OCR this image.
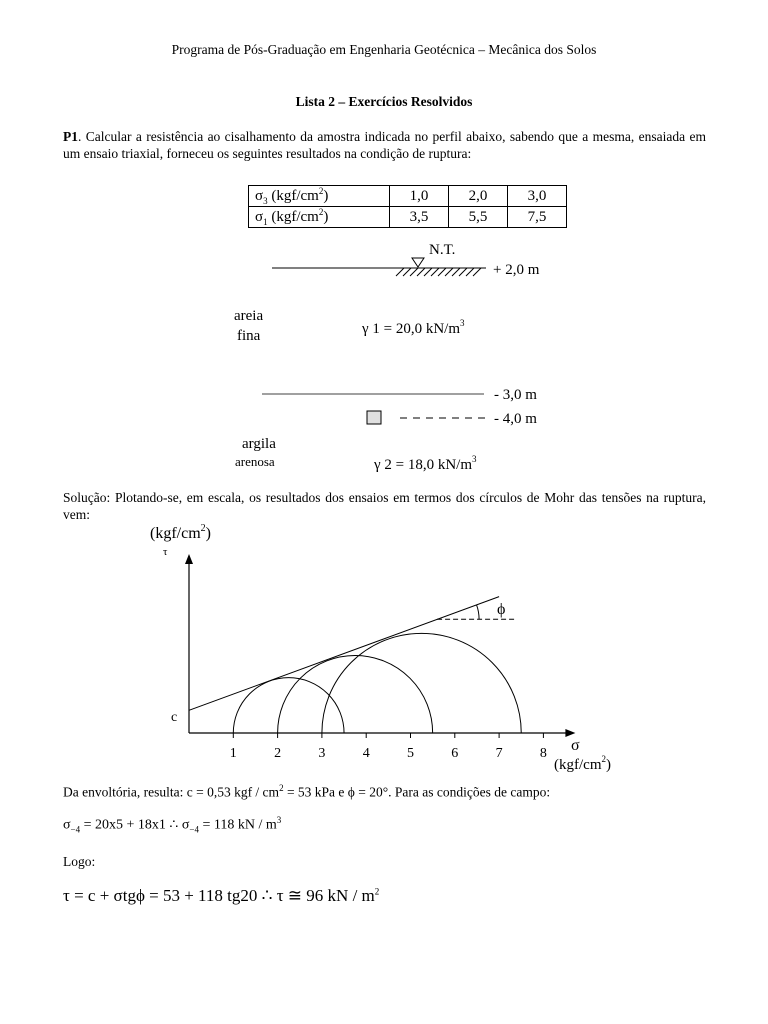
Programa de Pós-Graduação em Engenharia Geotécnica – Mecânica dos Solos
Lista 2 – Exercícios Resolvidos
P1. Calcular a resistência ao cisalhamento da amostra indicada no perfil abaixo, sabendo que a mesma, ensaiada em um ensaio triaxial, forneceu os seguintes resultados na condição de ruptura:
$\sigma_3$ $(kgf/cm^2)$	1,0	2,0	3,0
$\sigma_1$ $(kgf/cm^2)$	3,5	5,5	7,5
N.T.
+ 2,0 m
areia
fina	γ 1 = 20,0 $kN/m^3$
- 3,0 m
- 4,0 m
argila
arenosa	γ 2 = 18,0 $kN/m^3$
Solução: Plotando-se, em escala, os resultados dos ensaios em termos dos círculos de Mohr das tensões na ruptura, vem:
$(kgf/cm^2)$
τ
1	2	3	4	5	6	7	8
c
ϕ
σ
$(kgf/cm^2)$
Da envoltória, resulta: c = 0,53 kgf / $cm^2 = 53$ kPa e ϕ = 20°. Para as condições de campo:
$\sigma_{-4} = 20x5 + 18x1$ ∴ $\sigma_{-4} = 118$ kN / $m^3$
Logo:
τ = c + σtgϕ = 53 + 118 tg20 ∴ τ ≅ 96 kN / $m^2$
